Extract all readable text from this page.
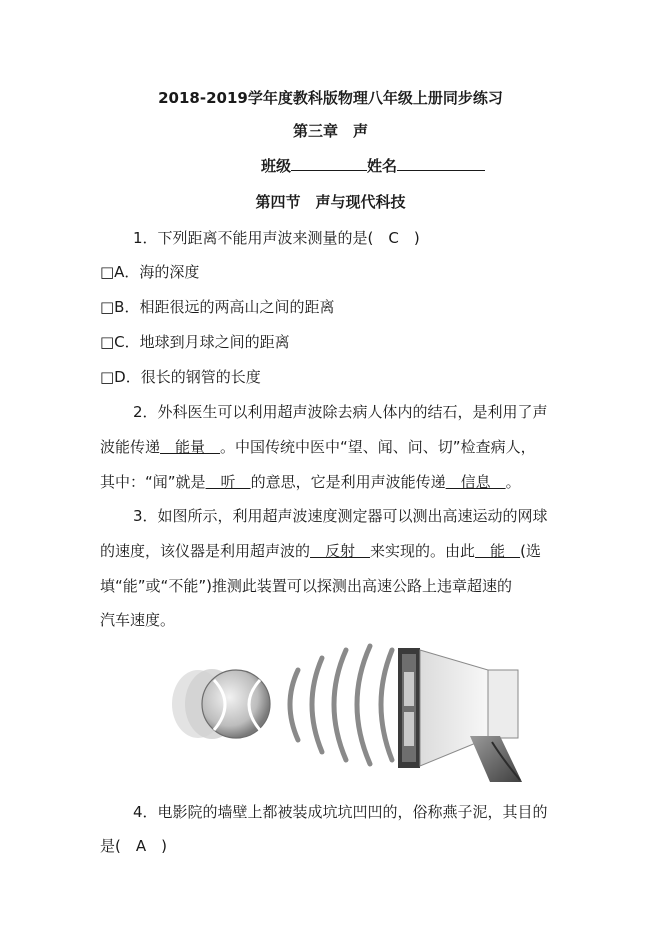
2018-2019学年度教科版物理八年级上册同步练习
第三章　声
班级	姓名
第四节　声与现代科技
1．下列距离不能用声波来测量的是(　C　)
□A．海的深度
□B．相距很远的两高山之间的距离
□C．地球到月球之间的距离
□D．很长的钢管的长度
2．外科医生可以利用超声波除去病人体内的结石，是利用了声
波能传递　能量　。中国传统中医中“望、闻、问、切”检查病人，
其中：“闻”就是　听　的意思，它是利用声波能传递　信息　。
3．如图所示，利用超声波速度测定器可以测出高速运动的网球
的速度，该仪器是利用超声波的　反射　来实现的。由此　能　(选
填“能”或“不能”)推测此装置可以探测出高速公路上违章超速的
汽车速度。
4．电影院的墙壁上都被装成坑坑凹凹的，俗称燕子泥，其目的
是(　A　)
